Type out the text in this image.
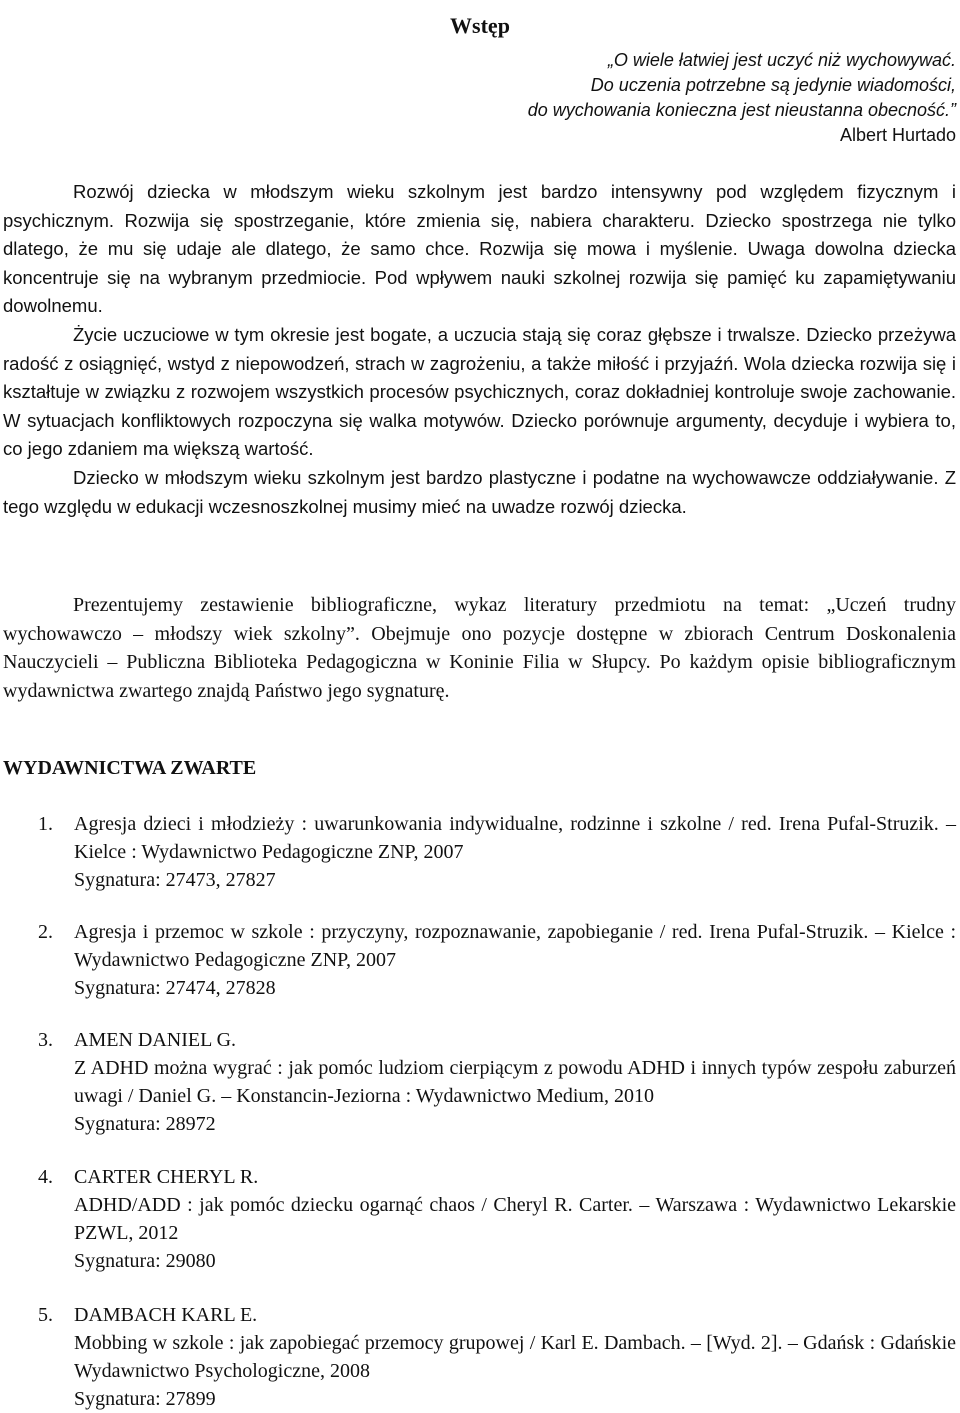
Wstęp
„O wiele łatwiej jest uczyć niż wychowywać.
Do uczenia potrzebne są jedynie wiadomości,
do wychowania konieczna jest nieustanna obecność.”
Albert Hurtado

Rozwój dziecka w młodszym wieku szkolnym jest bardzo intensywny pod względem fizycznym i psychicznym. Rozwija się spostrzeganie, które zmienia się, nabiera charakteru. Dziecko spostrzega nie tylko dlatego, że mu się udaje ale dlatego, że samo chce. Rozwija się mowa i myślenie. Uwaga dowolna dziecka koncentruje się na wybranym przedmiocie. Pod wpływem nauki szkolnej rozwija się pamięć ku zapamiętywaniu dowolnemu.

Życie uczuciowe w tym okresie jest bogate, a uczucia stają się coraz głębsze i trwalsze. Dziecko przeżywa radość z osiągnięć, wstyd z niepowodzeń, strach w zagrożeniu, a także miłość i przyjaźń. Wola dziecka rozwija się i kształtuje w związku z rozwojem wszystkich procesów psychicznych, coraz dokładniej kontroluje swoje zachowanie. W sytuacjach konfliktowych rozpoczyna się walka motywów. Dziecko porównuje argumenty, decyduje i wybiera to, co jego zdaniem ma większą wartość.

Dziecko w młodszym wieku szkolnym jest bardzo plastyczne i podatne na wychowawcze oddziaływanie. Z tego względu w edukacji wczesnoszkolnej musimy mieć na uwadze rozwój dziecka.

Prezentujemy zestawienie bibliograficzne, wykaz literatury przedmiotu na temat: „Uczeń trudny wychowawczo – młodszy wiek szkolny”. Obejmuje ono pozycje dostępne w zbiorach Centrum Doskonalenia Nauczycieli – Publiczna Biblioteka Pedagogiczna w Koninie Filia w Słupcy. Po każdym opisie bibliograficznym wydawnictwa zwartego znajdą Państwo jego sygnaturę.

WYDAWNICTWA ZWARTE
1. Agresja dzieci i młodzieży : uwarunkowania indywidualne, rodzinne i szkolne / red. Irena Pufal-Struzik. – Kielce : Wydawnictwo Pedagogiczne ZNP, 2007
Sygnatura: 27473, 27827
2. Agresja i przemoc w szkole : przyczyny, rozpoznawanie, zapobieganie / red. Irena Pufal-Struzik. – Kielce : Wydawnictwo Pedagogiczne ZNP, 2007
Sygnatura: 27474, 27828
3. AMEN DANIEL G.
Z ADHD można wygrać : jak pomóc ludziom cierpiącym z powodu ADHD i innych typów zespołu zaburzeń uwagi / Daniel G. – Konstancin-Jeziorna : Wydawnictwo Medium, 2010
Sygnatura: 28972
4. CARTER CHERYL R.
ADHD/ADD : jak pomóc dziecku ogarnąć chaos / Cheryl R. Carter. – Warszawa : Wydawnictwo Lekarskie PZWL, 2012
Sygnatura: 29080
5. DAMBACH KARL E.
Mobbing w szkole : jak zapobiegać przemocy grupowej / Karl E. Dambach. – [Wyd. 2]. – Gdańsk : Gdańskie Wydawnictwo Psychologiczne, 2008
Sygnatura: 27899
